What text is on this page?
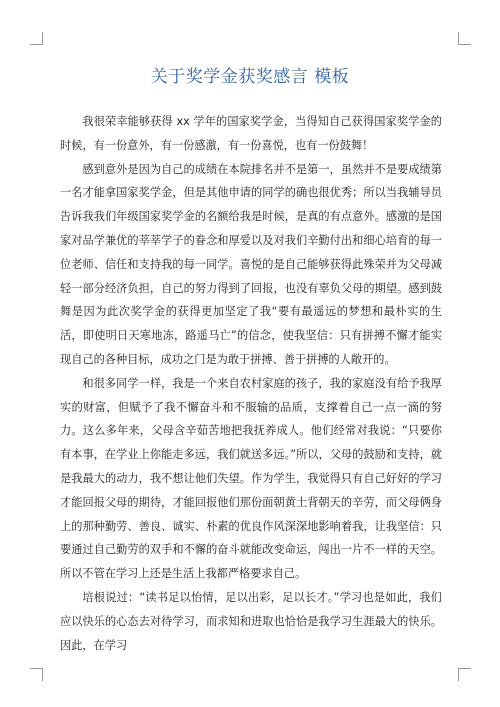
关于奖学金获奖感言 模板

我很荣幸能够获得 xx 学年的国家奖学金，当得知自己获得国家奖学金的时候，有一份意外，有一份感激，有一份喜悦，也有一份鼓舞！

感到意外是因为自己的成绩在本院排名并不是第一，虽然并不是要成绩第一名才能拿国家奖学金，但是其他申请的同学的确也很优秀；所以当我辅导员告诉我我们年级国家奖学金的名额给我是时候，是真的有点意外。感激的是国家对品学兼优的莘莘学子的眷念和厚爱以及对我们辛勤付出和细心培育的每一位老师、信任和支持我的每一同学。喜悦的是自己能够获得此殊荣并为父母减轻一部分经济负担，自己的努力得到了回报，也没有辜负父母的期望。感到鼓舞是因为此次奖学金的获得更加坚定了我“要有最遥远的梦想和最朴实的生活，即使明日天寒地冻，路遥马亡”的信念，使我坚信：只有拼搏不懈才能实现自己的各种目标，成功之门是为敢于拼搏、善于拼搏的人敞开的。

和很多同学一样，我是一个来自农村家庭的孩子，我的家庭没有给予我厚实的财富，但赋予了我不懈奋斗和不服输的品质，支撑着自己一点一滴的努力。这么多年来，父母含辛茹苦地把我抚养成人。他们经常对我说：“只要你有本事，在学业上你能走多远，我们就送多远。”所以，父母的鼓励和支持，就是我最大的动力，我不想让他们失望。作为学生，我觉得只有自己好好的学习才能回报父母的期待，才能回报他们那份面朝黄土背朝天的辛劳，而父母俩身上的那种勤劳、善良、诚实、朴素的优良作风深深地影响着我，让我坚信：只要通过自己勤劳的双手和不懈的奋斗就能改变命运，闯出一片不一样的天空。所以不管在学习上还是生活上我都严格要求自己。

培根说过：“读书足以怡情，足以出彩，足以长才。”学习也是如此，我们应以快乐的心态去对待学习，而求知和进取也恰恰是我学习生涯最大的快乐。因此，在学习
